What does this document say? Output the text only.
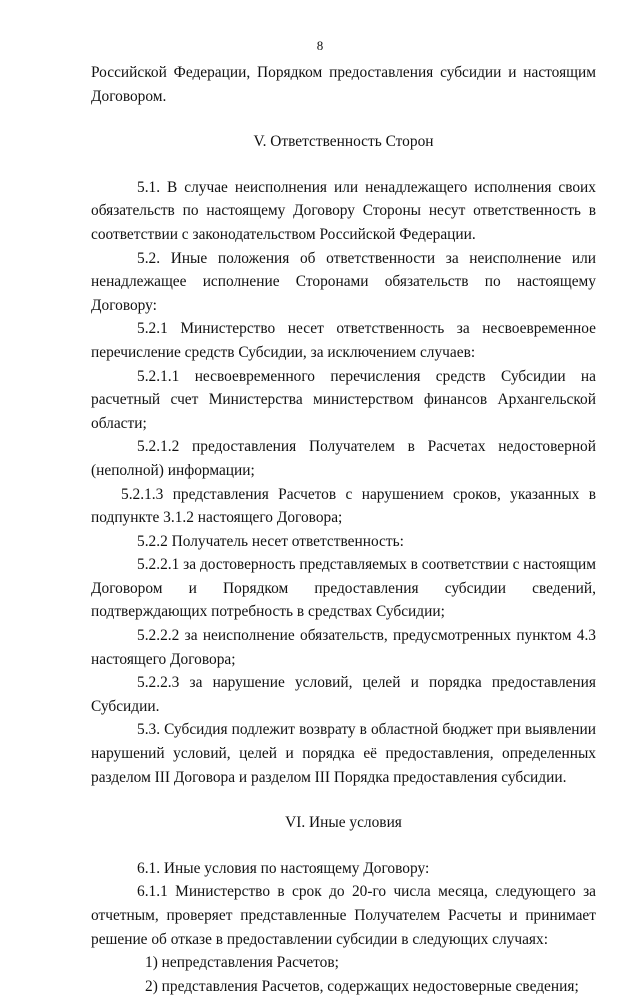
8

Российской Федерации, Порядком предоставления субсидии и настоящим Договором.

V. Ответственность Сторон

5.1. В случае неисполнения или ненадлежащего исполнения своих обязательств по настоящему Договору Стороны несут ответственность в соответствии с законодательством Российской Федерации.

5.2. Иные положения об ответственности за неисполнение или ненадлежащее исполнение Сторонами обязательств по настоящему Договору:

5.2.1 Министерство несет ответственность за несвоевременное перечисление средств Субсидии, за исключением случаев:

5.2.1.1 несвоевременного перечисления средств Субсидии на расчетный счет Министерства министерством финансов Архангельской области;

5.2.1.2 предоставления Получателем в Расчетах недостоверной (неполной) информации;

5.2.1.3 представления Расчетов с нарушением сроков, указанных в подпункте 3.1.2 настоящего Договора;

5.2.2 Получатель несет ответственность:

5.2.2.1 за достоверность представляемых в соответствии с настоящим Договором и Порядком предоставления субсидии сведений, подтверждающих потребность в средствах Субсидии;

5.2.2.2 за неисполнение обязательств, предусмотренных пунктом 4.3 настоящего Договора;

5.2.2.3 за нарушение условий, целей и порядка предоставления Субсидии.

5.3. Субсидия подлежит возврату в областной бюджет при выявлении нарушений условий, целей и порядка её предоставления, определенных разделом III Договора и разделом III Порядка предоставления субсидии.

VI. Иные условия

6.1. Иные условия по настоящему Договору:

6.1.1 Министерство в срок до 20-го числа месяца, следующего за отчетным, проверяет представленные Получателем Расчеты и принимает решение об отказе в предоставлении субсидии в следующих случаях:

1) непредставления Расчетов;

2) представления Расчетов, содержащих недостоверные сведения;
